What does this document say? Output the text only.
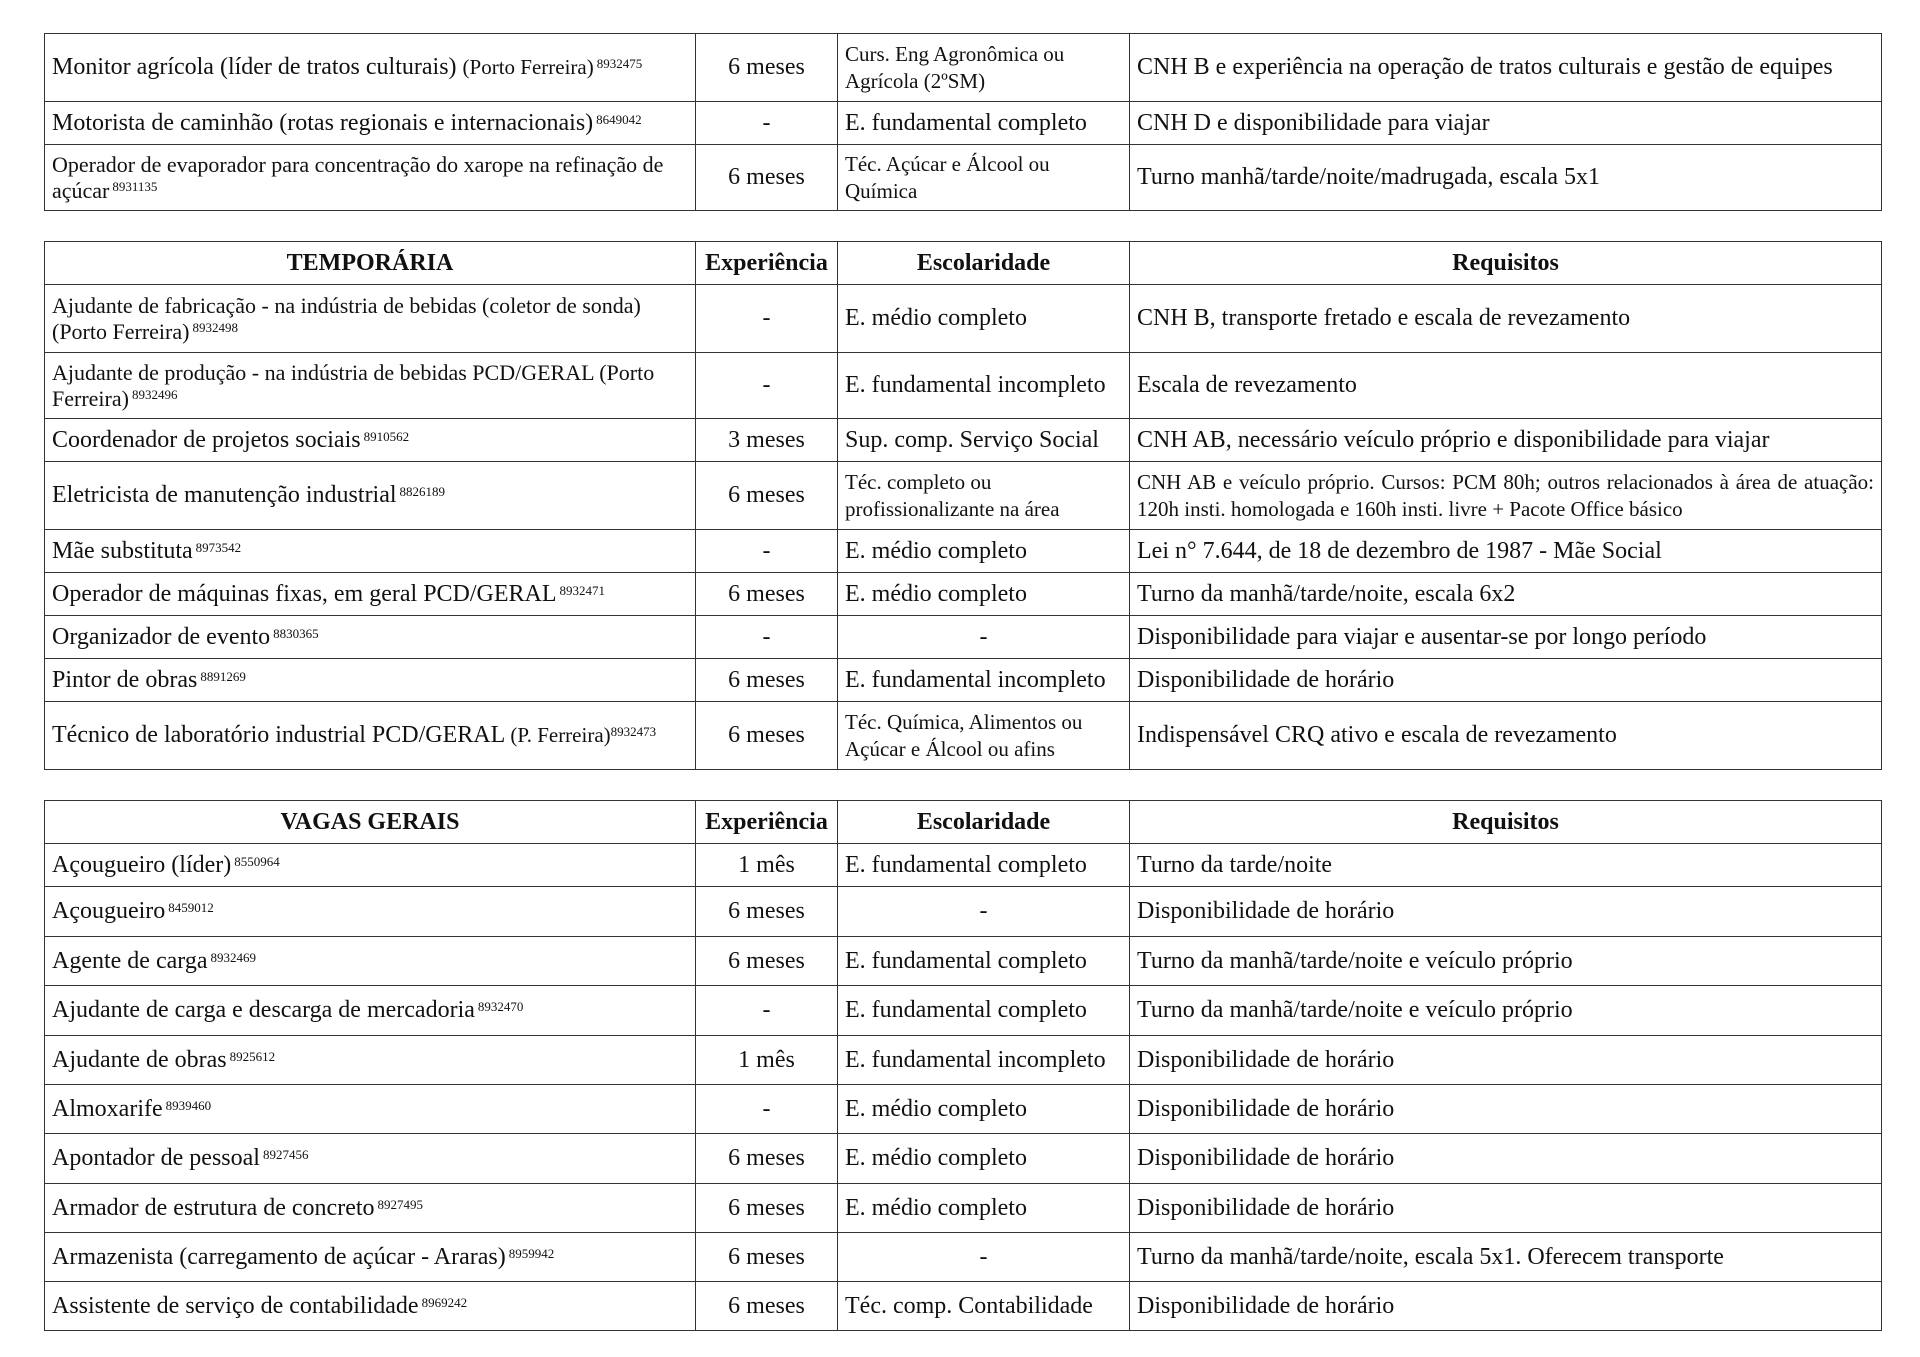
Monitor agrícola (líder de tratos culturais) (Porto Ferreira) $^{8932475}$	6 meses	Curs. Eng Agronômica ou Agrícola (2ºSM)	CNH B e experiência na operação de tratos culturais e gestão de equipes
Motorista de caminhão (rotas regionais e internacionais) $^{8649042}$	-	E. fundamental completo	CNH D e disponibilidade para viajar
Operador de evaporador para concentração do xarope na refinação de açúcar $^{8931135}$	6 meses	Téc. Açúcar e Álcool ou Química	Turno manhã/tarde/noite/madrugada, escala 5x1
TEMPORÁRIA	Experiência	Escolaridade	Requisitos
Ajudante de fabricação - na indústria de bebidas (coletor de sonda) (Porto Ferreira) $^{8932498}$	-	E. médio completo	CNH B, transporte fretado e escala de revezamento
Ajudante de produção - na indústria de bebidas PCD/GERAL (Porto Ferreira) $^{8932496}$	-	E. fundamental incompleto	Escala de revezamento
Coordenador de projetos sociais $^{8910562}$	3 meses	Sup. comp. Serviço Social	CNH AB, necessário veículo próprio e disponibilidade para viajar
Eletricista de manutenção industrial $^{8826189}$	6 meses	Téc. completo ou profissionalizante na área	CNH AB e veículo próprio. Cursos: PCM 80h; outros relacionados à área de atuação: 120h insti. homologada e 160h insti. livre + Pacote Office básico
Mãe substituta $^{8973542}$	-	E. médio completo	Lei n° 7.644, de 18 de dezembro de 1987 - Mãe Social
Operador de máquinas fixas, em geral PCD/GERAL $^{8932471}$	6 meses	E. médio completo	Turno da manhã/tarde/noite, escala 6x2
Organizador de evento $^{8830365}$	-	-	Disponibilidade para viajar e ausentar-se por longo período
Pintor de obras $^{8891269}$	6 meses	E. fundamental incompleto	Disponibilidade de horário
Técnico de laboratório industrial PCD/GERAL (P. Ferreira)$^{8932473}$	6 meses	Téc. Química, Alimentos ou Açúcar e Álcool ou afins	Indispensável CRQ ativo e escala de revezamento
VAGAS GERAIS	Experiência	Escolaridade	Requisitos
Açougueiro (líder) $^{8550964}$	1 mês	E. fundamental completo	Turno da tarde/noite
Açougueiro $^{8459012}$	6 meses	-	Disponibilidade de horário
Agente de carga $^{8932469}$	6 meses	E. fundamental completo	Turno da manhã/tarde/noite e veículo próprio
Ajudante de carga e descarga de mercadoria $^{8932470}$	-	E. fundamental completo	Turno da manhã/tarde/noite e veículo próprio
Ajudante de obras $^{8925612}$	1 mês	E. fundamental incompleto	Disponibilidade de horário
Almoxarife $^{8939460}$	-	E. médio completo	Disponibilidade de horário
Apontador de pessoal $^{8927456}$	6 meses	E. médio completo	Disponibilidade de horário
Armador de estrutura de concreto $^{8927495}$	6 meses	E. médio completo	Disponibilidade de horário
Armazenista (carregamento de açúcar - Araras) $^{8959942}$	6 meses	-	Turno da manhã/tarde/noite, escala 5x1. Oferecem transporte
Assistente de serviço de contabilidade $^{8969242}$	6 meses	Téc. comp. Contabilidade	Disponibilidade de horário
